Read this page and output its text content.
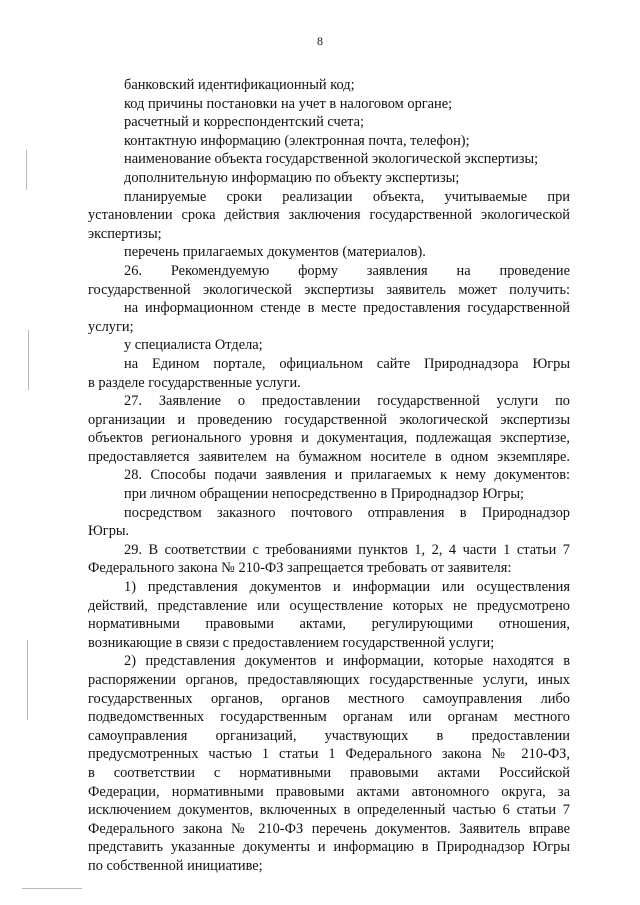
8
банковский идентификационный код;
код причины постановки на учет в налоговом органе;
расчетный и корреспондентский счета;
контактную информацию (электронная почта, телефон);
наименование объекта государственной экологической экспертизы;
дополнительную информацию по объекту экспертизы;
планируемые сроки реализации объекта, учитываемые при
установлении срока действия заключения государственной экологической
экспертизы;
перечень прилагаемых документов (материалов).
26. Рекомендуемую форму заявления на проведение
государственной экологической экспертизы заявитель может получить:
на информационном стенде в месте предоставления государственной
услуги;
у специалиста Отдела;
на Едином портале, официальном сайте Природнадзора Югры
в разделе государственные услуги.
27. Заявление о предоставлении государственной услуги по
организации и проведению государственной экологической экспертизы
объектов регионального уровня и документация, подлежащая экспертизе,
предоставляется заявителем на бумажном носителе в одном экземпляре.
28. Способы подачи заявления и прилагаемых к нему документов:
при личном обращении непосредственно в Природнадзор Югры;
посредством заказного почтового отправления в Природнадзор
Югры.
29. В соответствии с требованиями пунктов 1, 2, 4 части 1 статьи 7
Федерального закона № 210-ФЗ запрещается требовать от заявителя:
1) представления документов и информации или осуществления
действий, представление или осуществление которых не предусмотрено
нормативными правовыми актами, регулирующими отношения,
возникающие в связи с предоставлением государственной услуги;
2) представления документов и информации, которые находятся в
распоряжении органов, предоставляющих государственные услуги, иных
государственных органов, органов местного самоуправления либо
подведомственных государственным органам или органам местного
самоуправления организаций, участвующих в предоставлении
предусмотренных частью 1 статьи 1 Федерального закона № 210-ФЗ,
в соответствии с нормативными правовыми актами Российской
Федерации, нормативными правовыми актами автономного округа, за
исключением документов, включенных в определенный частью 6 статьи 7
Федерального закона № 210-ФЗ перечень документов. Заявитель вправе
представить указанные документы и информацию в Природнадзор Югры
по собственной инициативе;
